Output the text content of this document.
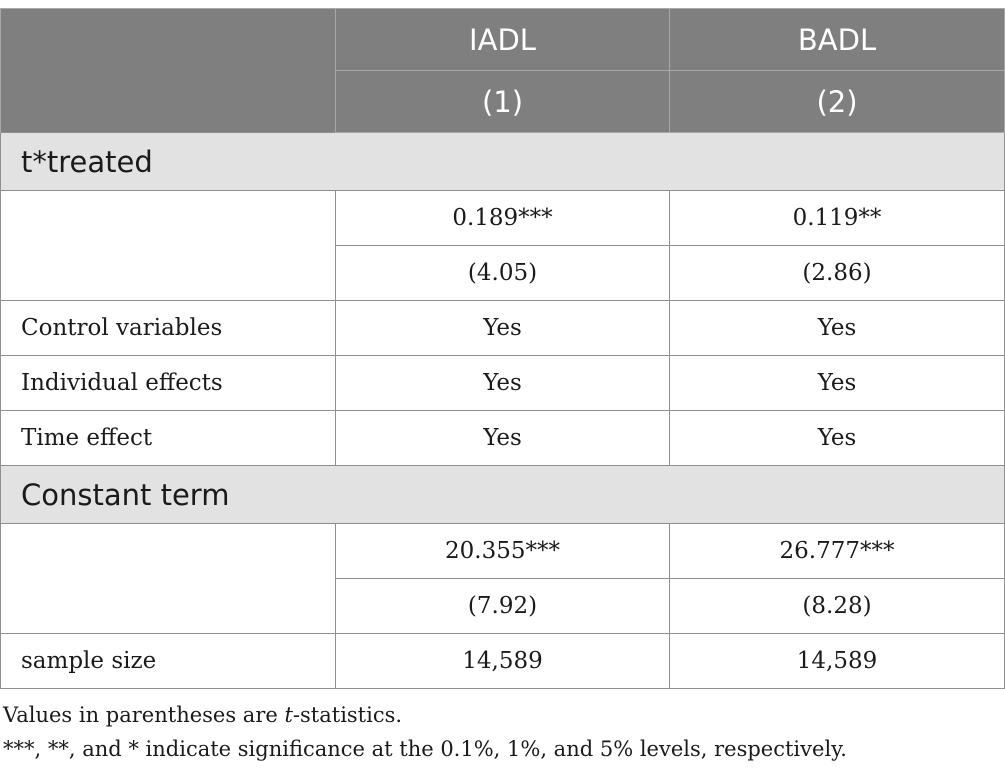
	IADL	BADL
	(1)	(2)
t*treated		
	0.189***	0.119**
	(4.05)	(2.86)
Control variables	Yes	Yes
Individual effects	Yes	Yes
Time effect	Yes	Yes
Constant term		
	20.355***	26.777***
	(7.92)	(8.28)
sample size	14,589	14,589

Values in parentheses are t-statistics.

***, **, and * indicate significance at the 0.1%, 1%, and 5% levels, respectively.
